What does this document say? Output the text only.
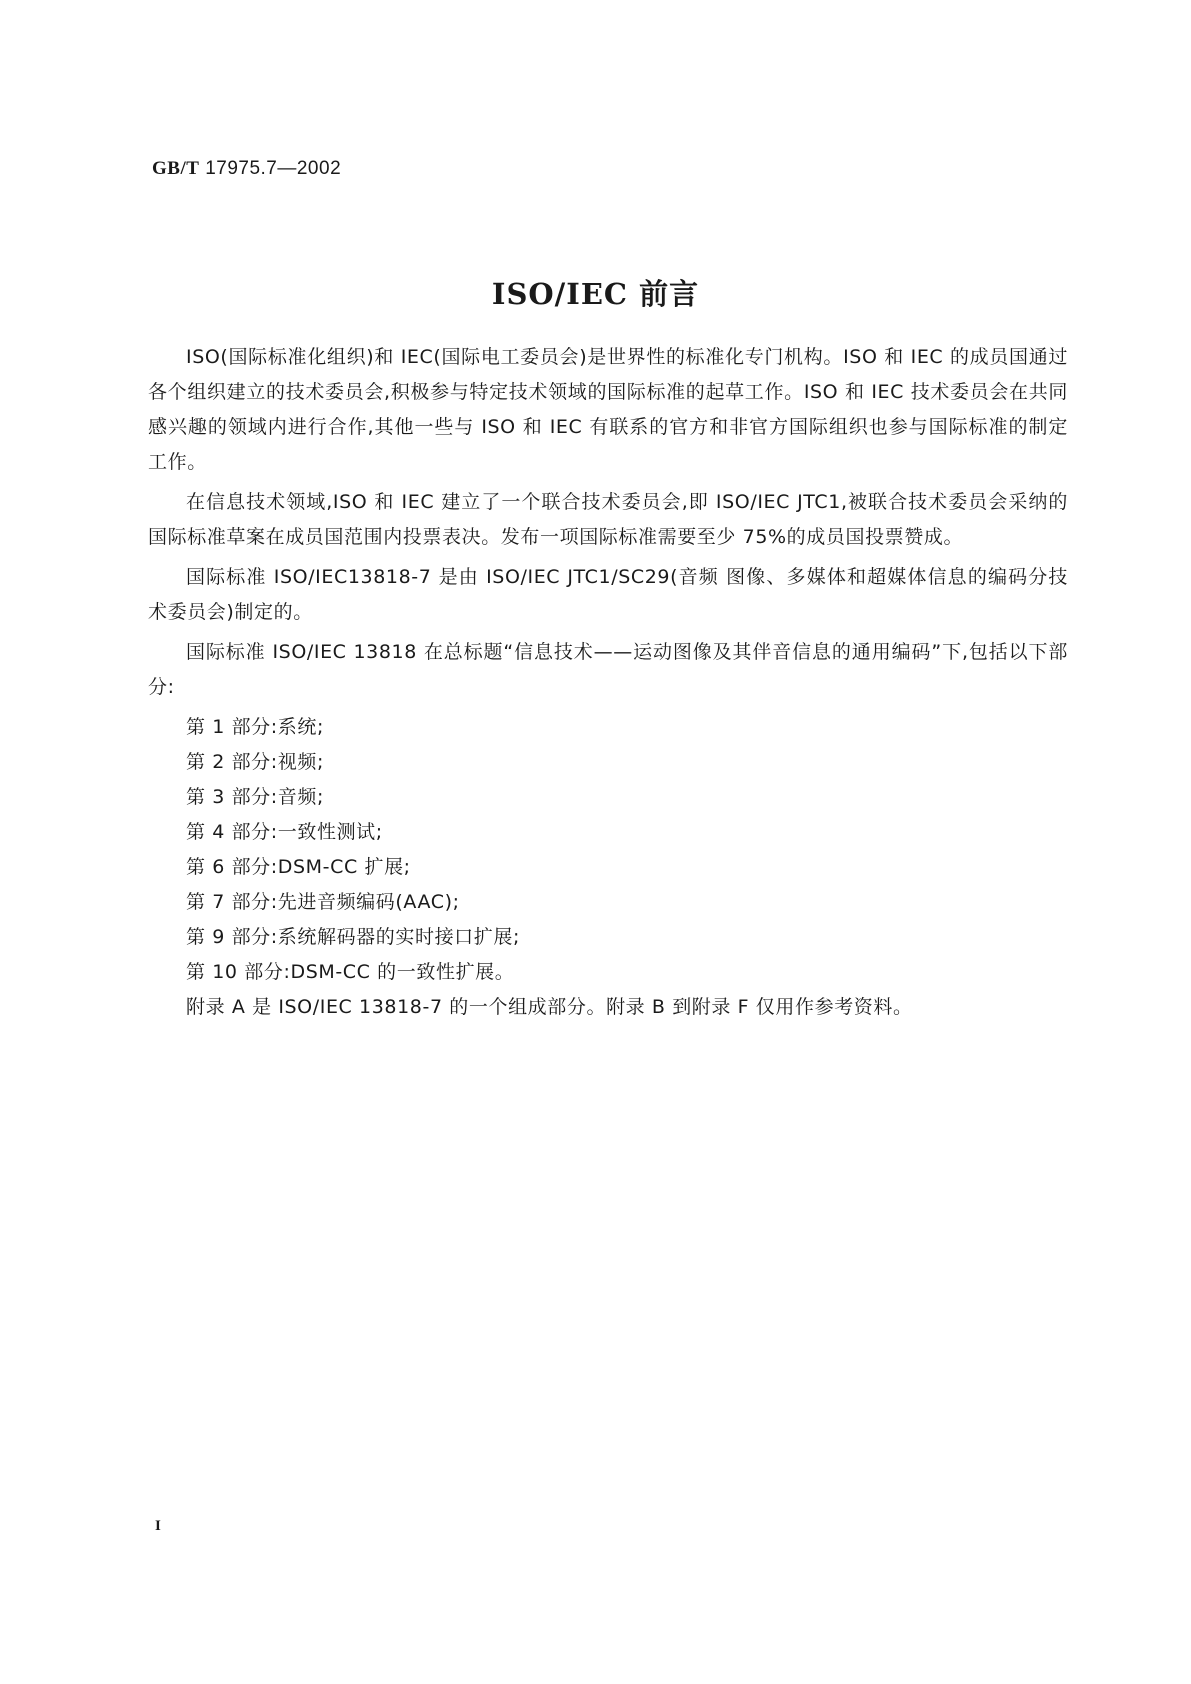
GB/T 17975.7—2002
ISO/IEC 前言

ISO(国际标准化组织)和 IEC(国际电工委员会)是世界性的标准化专门机构。ISO 和 IEC 的成员国通过各个组织建立的技术委员会,积极参与特定技术领域的国际标准的起草工作。ISO 和 IEC 技术委员会在共同感兴趣的领域内进行合作,其他一些与 ISO 和 IEC 有联系的官方和非官方国际组织也参与国际标准的制定工作。

在信息技术领域,ISO 和 IEC 建立了一个联合技术委员会,即 ISO/IEC JTC1,被联合技术委员会采纳的国际标准草案在成员国范围内投票表决。发布一项国际标准需要至少 75%的成员国投票赞成。

国际标准 ISO/IEC13818-7 是由 ISO/IEC JTC1/SC29(音频 图像、多媒体和超媒体信息的编码分技术委员会)制定的。

国际标准 ISO/IEC 13818 在总标题“信息技术——运动图像及其伴音信息的通用编码”下,包括以下部分:

第 1 部分:系统;
第 2 部分:视频;
第 3 部分:音频;
第 4 部分:一致性测试;
第 6 部分:DSM-CC 扩展;
第 7 部分:先进音频编码(AAC);
第 9 部分:系统解码器的实时接口扩展;
第 10 部分:DSM-CC 的一致性扩展。

附录 A 是 ISO/IEC 13818-7 的一个组成部分。附录 B 到附录 F 仅用作参考资料。

I
